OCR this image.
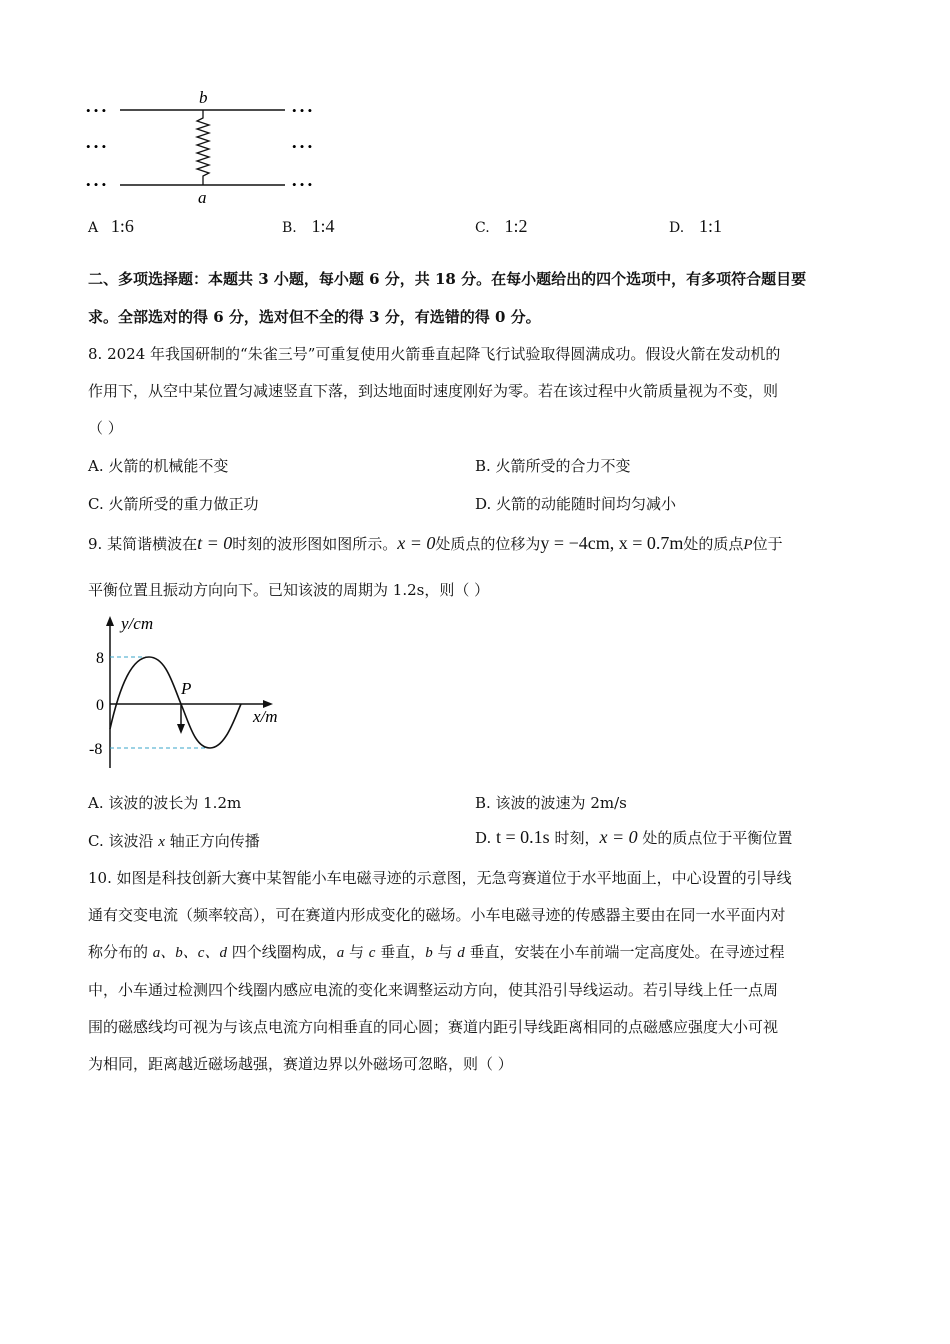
b
a
• • •
• • •
• • •
• • •
• • •
• • •
A 1:6	B. 1:4	C. 1:2	D. 1:1
二、多项选择题：本题共 3 小题，每小题 6 分，共 18 分。在每小题给出的四个选项中，有多项符合题目要
求。全部选对的得 6 分，选对但不全的得 3 分，有选错的得 0 分。
8. 2024 年我国研制的“朱雀三号”可重复使用火箭垂直起降飞行试验取得圆满成功。假设火箭在发动机的
作用下，从空中某位置匀减速竖直下落，到达地面时速度刚好为零。若在该过程中火箭质量视为不变，则
（ ）
A. 火箭的机械能不变	B. 火箭所受的合力不变
C. 火箭所受的重力做正功	D. 火箭的动能随时间均匀减小
9. 某简谐横波在t = 0时刻的波形图如图所示。x = 0处质点的位移为y = −4cm, x = 0.7m处的质点P位于
平衡位置且振动方向向下。已知该波的周期为 1.2s，则（ ）
y/cm
x/m
8
0
-8
P
A. 该波的波长为 1.2m	B. 该波的波速为 2m/s
C. 该波沿 x 轴正方向传播	D. t = 0.1s 时刻，x = 0 处的质点位于平衡位置
10. 如图是科技创新大赛中某智能小车电磁寻迹的示意图，无急弯赛道位于水平地面上，中心设置的引导线
通有交变电流（频率较高），可在赛道内形成变化的磁场。小车电磁寻迹的传感器主要由在同一水平面内对
称分布的 a、b、c、d 四个线圈构成，a 与 c 垂直，b 与 d 垂直，安装在小车前端一定高度处。在寻迹过程
中，小车通过检测四个线圈内感应电流的变化来调整运动方向，使其沿引导线运动。若引导线上任一点周
围的磁感线均可视为与该点电流方向相垂直的同心圆；赛道内距引导线距离相同的点磁感应强度大小可视
为相同，距离越近磁场越强，赛道边界以外磁场可忽略，则（ ）
